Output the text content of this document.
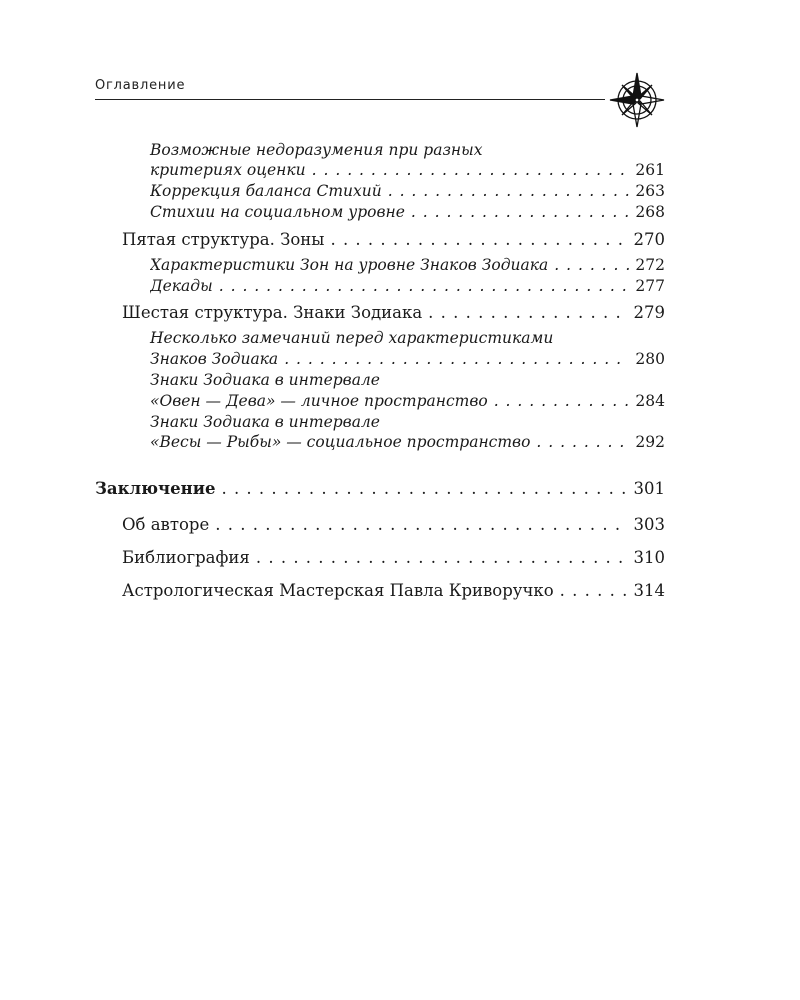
Оглавление
Возможные недоразумения при разных
критериях оценки . . .	261
Коррекция баланса Стихий . . .	263
Стихии на социальном уровне . . .	268
Пятая структура. Зоны . . .	270
Характеристики Зон на уровне Знаков Зодиака . . .	272
Декады . . .	277
Шестая структура. Знаки Зодиака . . .	279
Несколько замечаний перед характеристиками
Знаков Зодиака . . .	280
Знаки Зодиака в интервале
«Овен — Дева» — личное пространство . . .	284
Знаки Зодиака в интервале
«Весы — Рыбы» — социальное пространство . . .	292
Заключение . . .	301
Об авторе . . .	303
Библиография . . .	310
Астрологическая Мастерская Павла Криворучко . . .	314
